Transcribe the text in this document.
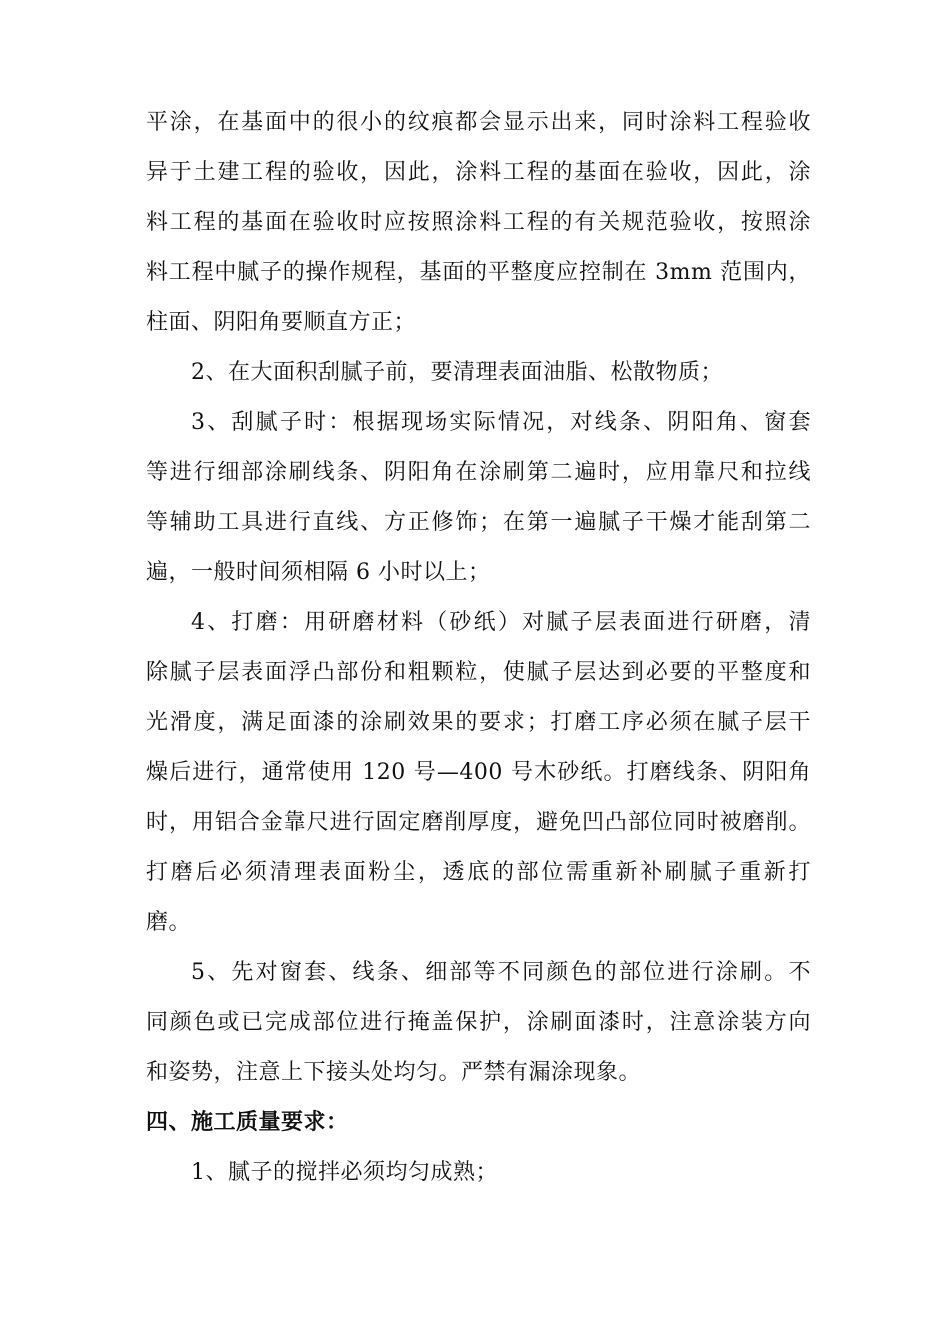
平涂，在基面中的很小的纹痕都会显示出来，同时涂料工程验收
异于土建工程的验收，因此，涂料工程的基面在验收，因此，涂
料工程的基面在验收时应按照涂料工程的有关规范验收，按照涂
料工程中腻子的操作规程，基面的平整度应控制在 3mm 范围内，
柱面、阴阳角要顺直方正；
2、在大面积刮腻子前，要清理表面油脂、松散物质；
3、刮腻子时：根据现场实际情况，对线条、阴阳角、窗套
等进行细部涂刷线条、阴阳角在涂刷第二遍时，应用靠尺和拉线
等辅助工具进行直线、方正修饰；在第一遍腻子干燥才能刮第二
遍，一般时间须相隔 6 小时以上；
4、打磨：用研磨材料（砂纸）对腻子层表面进行研磨，清
除腻子层表面浮凸部份和粗颗粒，使腻子层达到必要的平整度和
光滑度，满足面漆的涂刷效果的要求；打磨工序必须在腻子层干
燥后进行，通常使用 120 号—400 号木砂纸。打磨线条、阴阳角
时，用铝合金靠尺进行固定磨削厚度，避免凹凸部位同时被磨削。
打磨后必须清理表面粉尘，透底的部位需重新补刷腻子重新打
磨。
5、先对窗套、线条、细部等不同颜色的部位进行涂刷。不
同颜色或已完成部位进行掩盖保护，涂刷面漆时，注意涂装方向
和姿势，注意上下接头处均匀。严禁有漏涂现象。
四、施工质量要求：
1、腻子的搅拌必须均匀成熟；
